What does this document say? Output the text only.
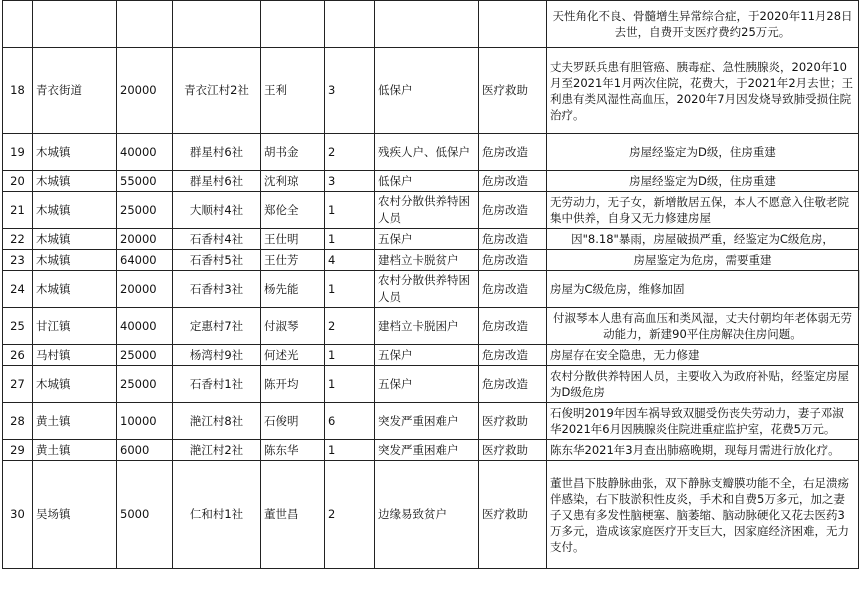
								天性角化不良、骨髓增生异常综合症，于2020年11月28日去世，自费开支医疗费约25万元。
18	青衣街道	20000	青衣江村2社	王利	3	低保户	医疗救助	丈夫罗跃兵患有胆管癌、胰毒症、急性胰腺炎，2020年10月至2021年1月两次住院，花费大，于2021年2月去世；王利患有类风湿性高血压，2020年7月因发烧导致肺受损住院治疗。
19	木城镇	40000	群星村6社	胡书金	2	残疾人户、低保户	危房改造	房屋经鉴定为D级，住房重建
20	木城镇	55000	群星村6社	沈利琼	3	低保户	危房改造	房屋经鉴定为D级，住房重建
21	木城镇	25000	大顺村4社	郑伦全	1	农村分散供养特困人员	危房改造	无劳动力，无子女，新增散居五保，本人不愿意入住敬老院集中供养，自身又无力修建房屋
22	木城镇	20000	石香村4社	王仕明	1	五保户	危房改造	因"8.18"暴雨，房屋破损严重，经鉴定为C级危房，
23	木城镇	64000	石香村5社	王仕芳	4	建档立卡脱贫户	危房改造	房屋鉴定为危房，需要重建
24	木城镇	20000	石香村3社	杨先能	1	农村分散供养特困人员	危房改造	房屋为C级危房，维修加固
25	甘江镇	40000	定惠村7社	付淑琴	2	建档立卡脱困户	危房改造	付淑琴本人患有高血压和类风湿，丈夫付朝均年老体弱无劳动能力，新建90平住房解决住房问题。
26	马村镇	25000	杨湾村9社	何述光	1	五保户	危房改造	房屋存在安全隐患，无力修建
27	木城镇	25000	石香村1社	陈开均	1	五保户	危房改造	农村分散供养特困人员，主要收入为政府补贴，经鉴定房屋为D级危房
28	黄土镇	10000	滟江村8社	石俊明	6	突发严重困难户	医疗救助	石俊明2019年因车祸导致双腿受伤丧失劳动力，妻子邓淑华2021年6月因胰腺炎住院进重症监护室，花费5万元。
29	黄土镇	6000	滟江村2社	陈东华	1	突发严重困难户	医疗救助	陈东华2021年3月查出肺癌晚期，现每月需进行放化疗。
30	吴场镇	5000	仁和村1社	董世昌	2	边缘易致贫户	医疗救助	董世昌下肢静脉曲张，双下静脉支瓣膜功能不全，右足溃疡伴感染，右下肢淤积性皮炎，手术和自费5万多元，加之妻子又患有多发性脑梗塞、脑萎缩、脑动脉硬化又花去医药3万多元，造成该家庭医疗开支巨大，因家庭经济困难，无力支付。
